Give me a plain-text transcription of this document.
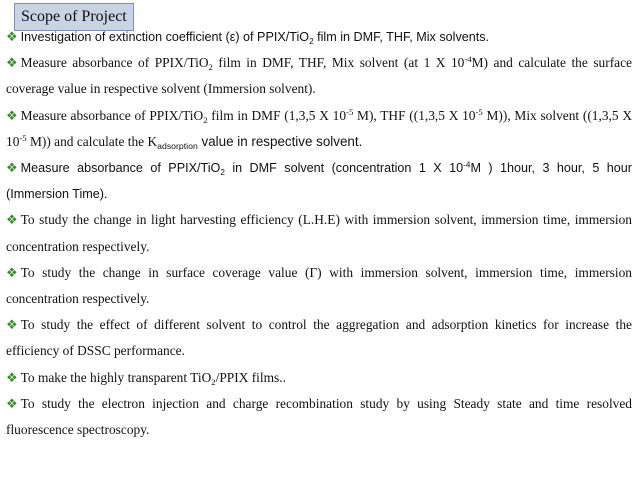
Scope of Project
❖ Investigation of extinction coefficient (ε) of PPIX/TiO$_2$ film in DMF, THF, Mix solvents.
❖ Measure absorbance of PPIX/TiO$_2$ film in DMF, THF, Mix solvent (at 1 X $10^{-4}M$) and calculate the surface coverage value in respective solvent (Immersion solvent).
❖ Measure absorbance of PPIX/TiO$_2$ film in DMF (1,3,5 X $10^{-5}$ M), THF ((1,3,5 X $10^{-5}$ M)), Mix solvent ((1,3,5 X $10^{-5}$ M)) and calculate the $K_{adsorption}$ value in respective solvent.
❖ Measure absorbance of PPIX/TiO$_2$ in DMF solvent (concentration 1 X $10^{-4}M$ ) 1hour, 3 hour, 5 hour (Immersion Time).
❖ To study the change in light harvesting efficiency (L.H.E) with immersion solvent, immersion time, immersion concentration respectively.
❖ To study the change in surface coverage value (Γ) with immersion solvent, immersion time, immersion concentration respectively.
❖ To study the effect of different solvent to control the aggregation and adsorption kinetics for increase the efficiency of DSSC performance.
❖ To make the highly transparent TiO$_2$/PPIX films..
❖ To study the electron injection and charge recombination study by using Steady state and time resolved fluorescence spectroscopy.
